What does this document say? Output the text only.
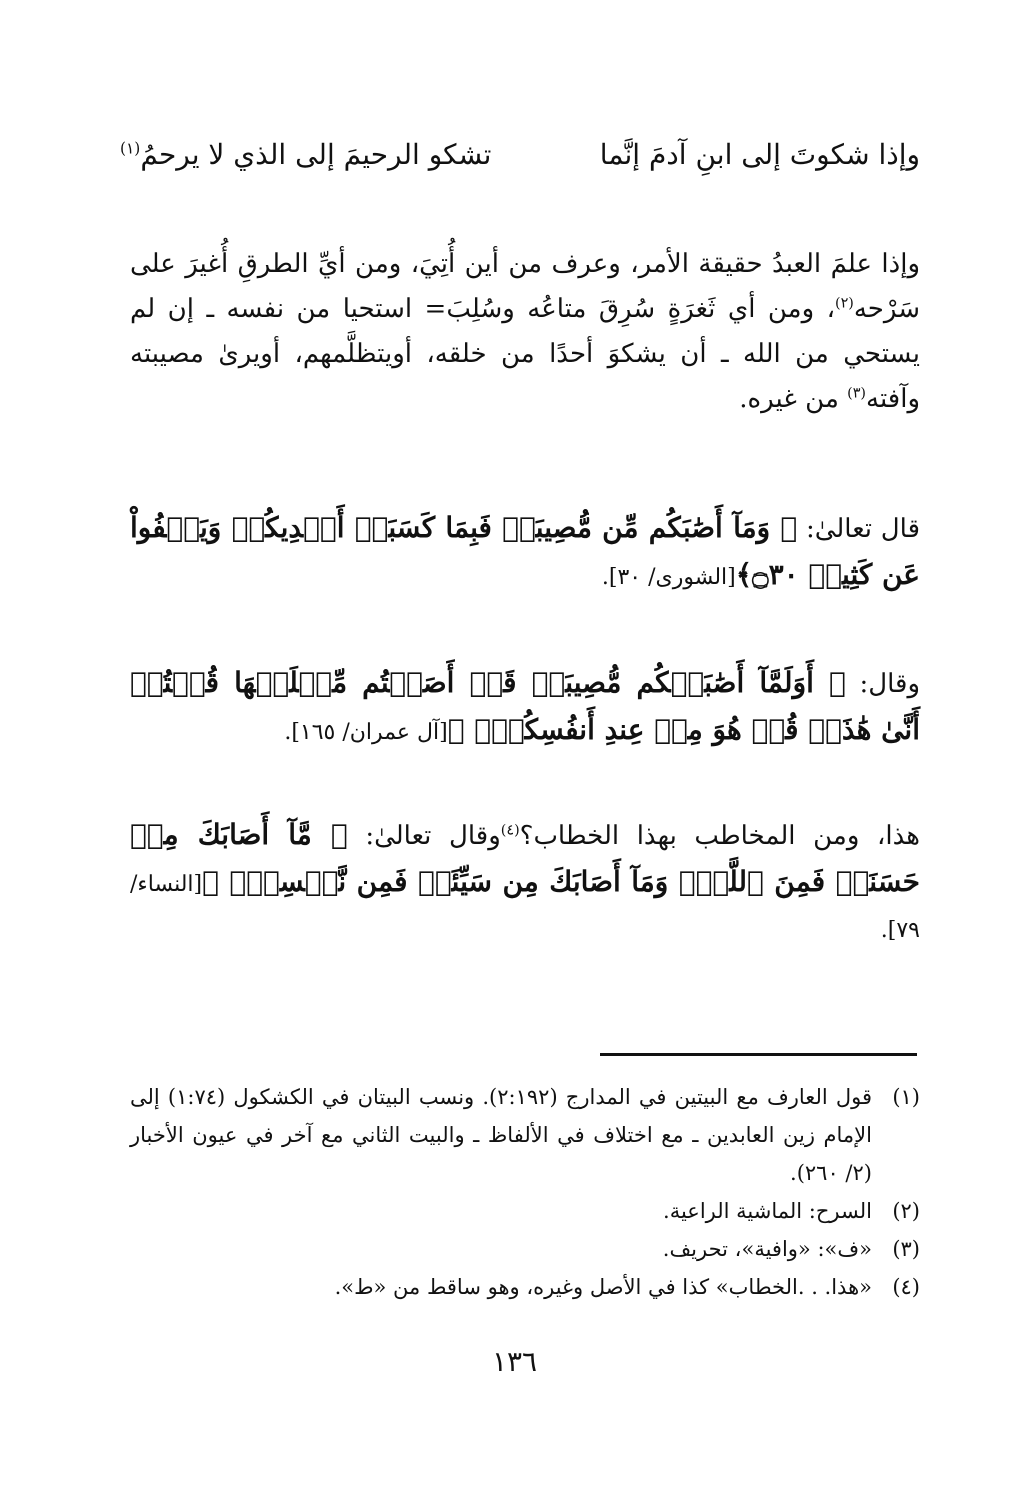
وإذا شكوتَ إلى ابنِ آدمَ إنَّما
تشكو الرحيمَ إلى الذي لا يرحمُ$^{(١)}$

وإذا علمَ العبدُ حقيقة الأمر، وعرف من أين أُتِيَ، ومن أيِّ الطرقِ أُغيرَ على سَرْحه$^{(٢)}$، ومن أي ثَغرَةٍ سُرِقَ متاعُه وسُلِبَ= استحيا من نفسه ـ إن لم يستحي من الله ـ أن يشكوَ أحدًا من خلقه، أويتظلَّمهم، أويرىٰ مصيبته وآفته$^{(٣)}$ من غيره.

قال تعالىٰ: ﴿ وَمَآ أَصَٰبَكُم مِّن مُّصِيبَةٖ فَبِمَا كَسَبَتۡ أَيۡدِيكُمۡ وَيَعۡفُواْ عَن كَثِيرٖ ۝٣٠﴾[الشورى/ ٣٠].

وقال: ﴿ أَوَلَمَّآ أَصَٰبَتۡكُم مُّصِيبَةٞ قَدۡ أَصَبۡتُم مِّثۡلَيۡهَا قُلۡتُمۡ أَنَّىٰ هَٰذَاۖ قُلۡ هُوَ مِنۡ عِندِ أَنفُسِكُمۡۗ ﴾[آل عمران/ ١٦٥].

هذا، ومن المخاطب بهذا الخطاب؟$^{(٤)}$وقال تعالىٰ: ﴿ مَّآ أَصَابَكَ مِنۡ حَسَنَةٖ فَمِنَ ٱللَّهِۖ وَمَآ أَصَابَكَ مِن سَيِّئَةٖ فَمِن نَّفۡسِكَۚ ﴾[النساء/ ٧٩].

(١)
قول العارف مع البيتين في المدارج (٢:١٩٢). ونسب البيتان في الكشكول (١:٧٤) إلى الإمام زين العابدين ـ مع اختلاف في الألفاظ ـ والبيت الثاني مع آخر في عيون الأخبار (٢/ ٢٦٠).
(٢)
السرح: الماشية الراعية.
(٣)
«ف»: «وافية»، تحريف.
(٤)
«هذا. . .الخطاب» كذا في الأصل وغيره، وهو ساقط من «ط».
١٣٦
